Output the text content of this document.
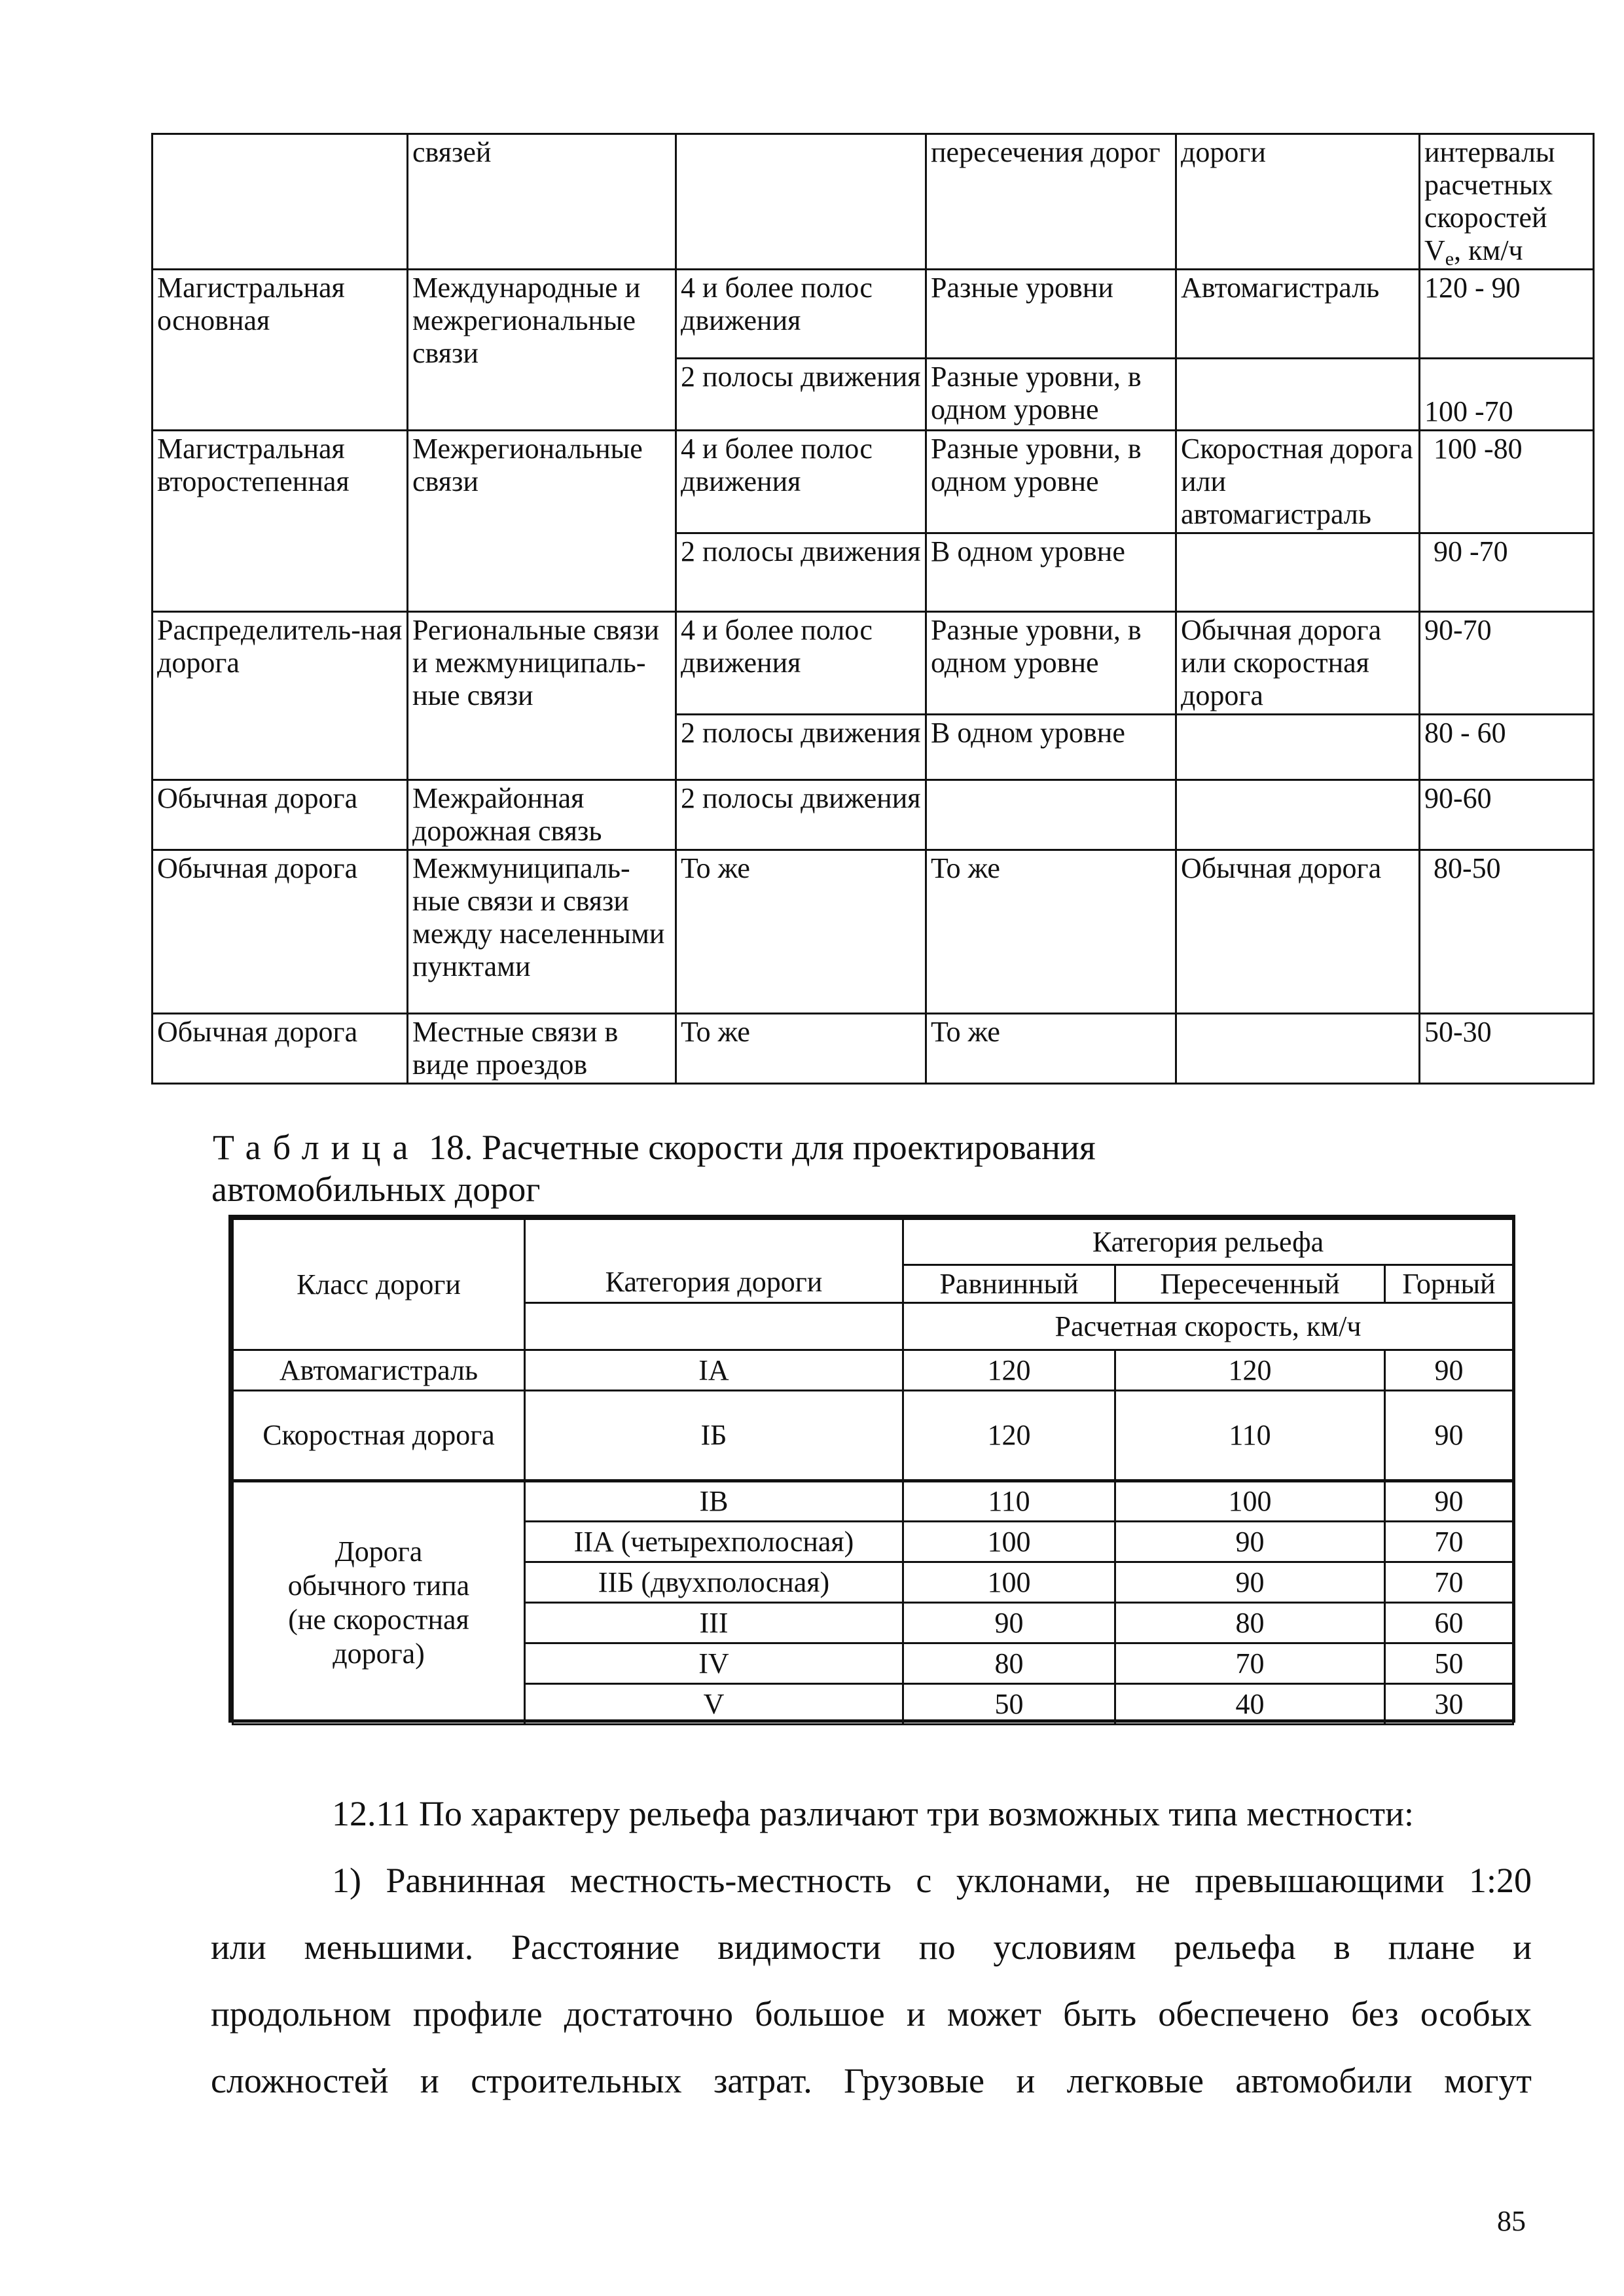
	связей		пересечения дорог	дороги	интервалы расчетных скоростей
$V_e$, км/ч
Магистральная основная	Международные и межрегиональные связи	4 и более полос движения	Разные уровни	Автомагистраль	120 - 90
		2 полосы движения	Разные уровни, в одном уровне		100 -70
Магистральная второстепенная	Межрегиональные связи	4 и более полос движения	Разные уровни, в одном уровне	Скоростная дорога или автомагистраль	100 -80
		2 полосы движения	В одном уровне		90 -70
Распределитель-ная дорога	Региональные связи и межмуниципаль-ные связи	4 и более полос движения	Разные уровни, в одном уровне	Обычная дорога или скоростная дорога	90-70
		2 полосы движения	В одном уровне		80 - 60
Обычная дорога	Межрайонная дорожная связь	2 полосы движения			90-60
Обычная дорога	Межмуниципаль-ные связи и связи между населенными пунктами	То же	То же	Обычная дорога	80-50
Обычная дорога	Местные связи в виде проездов	То же	То же		50-30
Таблица 18. Расчетные скорости для проектирования
автомобильных дорог
Класс дороги	Категория дороги	Категория рельефа		
		Равнинный	Пересеченный	Горный
		Расчетная скорость, км/ч		
Автомагистраль	IА	120	120	90
Скоростная дорога	IБ	120	110	90

Дорога
обычного типа
(не скоростная
дорога)	IВ	110	100	90
	IIА (четырехполосная)	100	90	70
	IIБ (двухполосная)	100	90	70
	III	90	80	60
	IV	80	70	50
	V	50	40	30
12.11 По характеру рельефа различают три возможных типа местности:
1) Равнинная местность-местность с уклонами, не превышающими 1:20
или меньшими. Расстояние видимости по условиям рельефа в плане и
продольном профиле достаточно большое и может быть обеспечено без особых
сложностей и строительных затрат. Грузовые и легковые автомобили могут
85
